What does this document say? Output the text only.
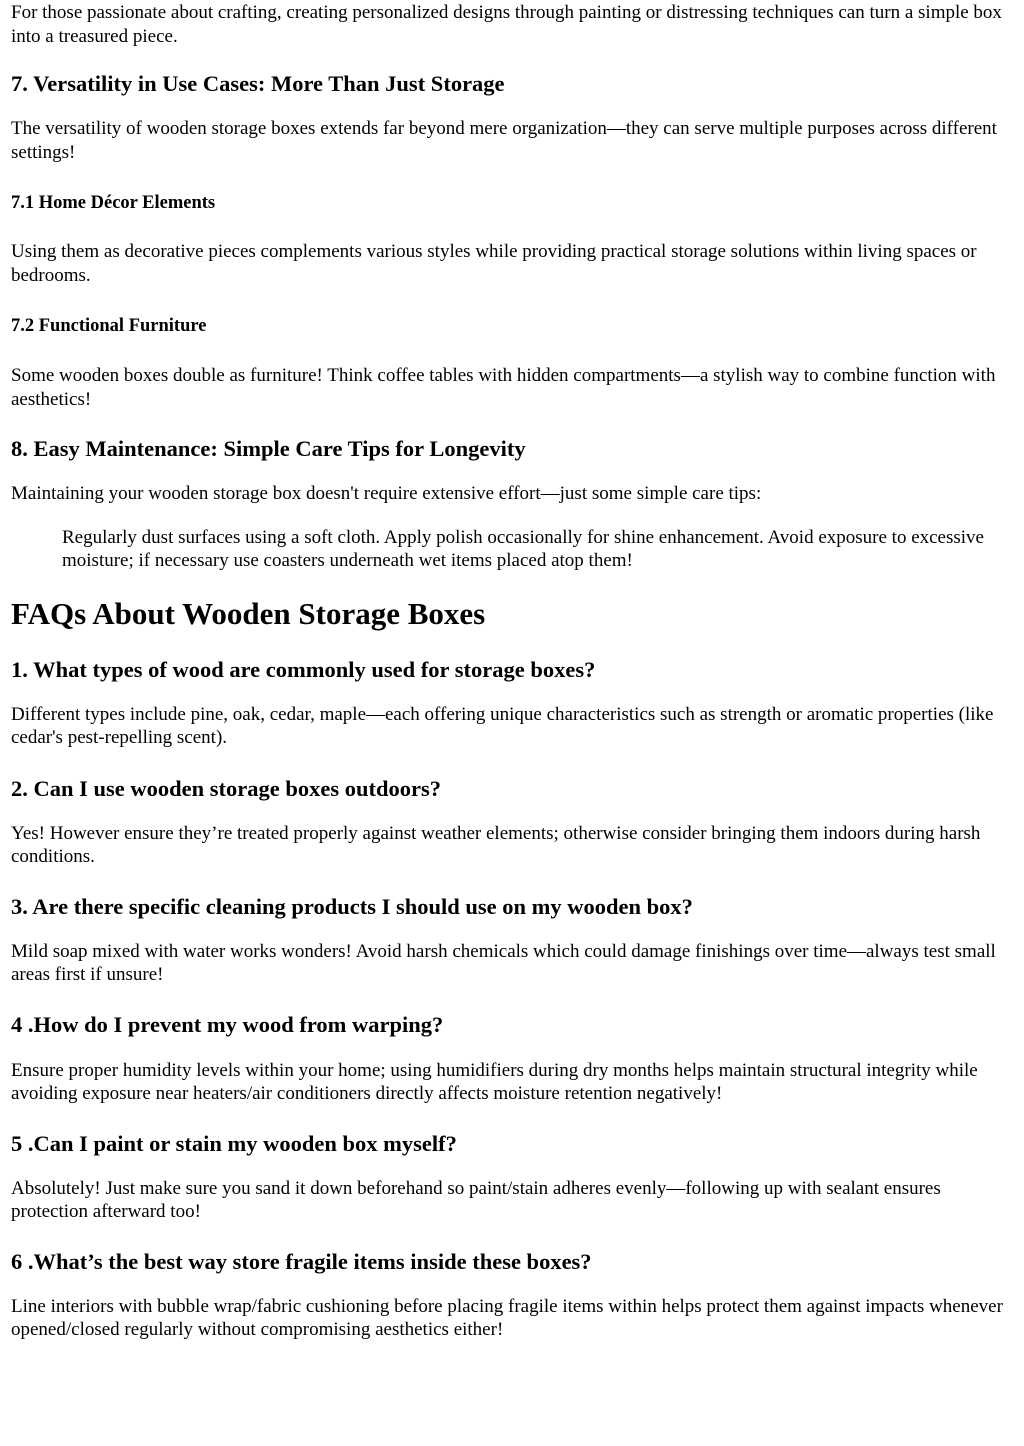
For those passionate about crafting, creating personalized designs through painting or distressing techniques can turn a simple box into a treasured piece.

7. Versatility in Use Cases: More Than Just Storage

The versatility of wooden storage boxes extends far beyond mere organization—they can serve multiple purposes across different settings!

7.1 Home Décor Elements

Using them as decorative pieces complements various styles while providing practical storage solutions within living spaces or bedrooms.

7.2 Functional Furniture

Some wooden boxes double as furniture! Think coffee tables with hidden compartments—a stylish way to combine function with aesthetics!

8. Easy Maintenance: Simple Care Tips for Longevity

Maintaining your wooden storage box doesn't require extensive effort—just some simple care tips:

Regularly dust surfaces using a soft cloth. Apply polish occasionally for shine enhancement. Avoid exposure to excessive moisture; if necessary use coasters underneath wet items placed atop them!

FAQs About Wooden Storage Boxes
1. What types of wood are commonly used for storage boxes?

Different types include pine, oak, cedar, maple—each offering unique characteristics such as strength or aromatic properties (like cedar's pest-repelling scent).

2. Can I use wooden storage boxes outdoors?

Yes! However ensure they’re treated properly against weather elements; otherwise consider bringing them indoors during harsh conditions.

3. Are there specific cleaning products I should use on my wooden box?

Mild soap mixed with water works wonders! Avoid harsh chemicals which could damage finishings over time—always test small areas first if unsure!

4 .How do I prevent my wood from warping?

Ensure proper humidity levels within your home; using humidifiers during dry months helps maintain structural integrity while avoiding exposure near heaters/air conditioners directly affects moisture retention negatively!

5 .Can I paint or stain my wooden box myself?

Absolutely! Just make sure you sand it down beforehand so paint/stain adheres evenly—following up with sealant ensures protection afterward too!

6 .What’s the best way store fragile items inside these boxes?

Line interiors with bubble wrap/fabric cushioning before placing fragile items within helps protect them against impacts whenever opened/closed regularly without compromising aesthetics either!
